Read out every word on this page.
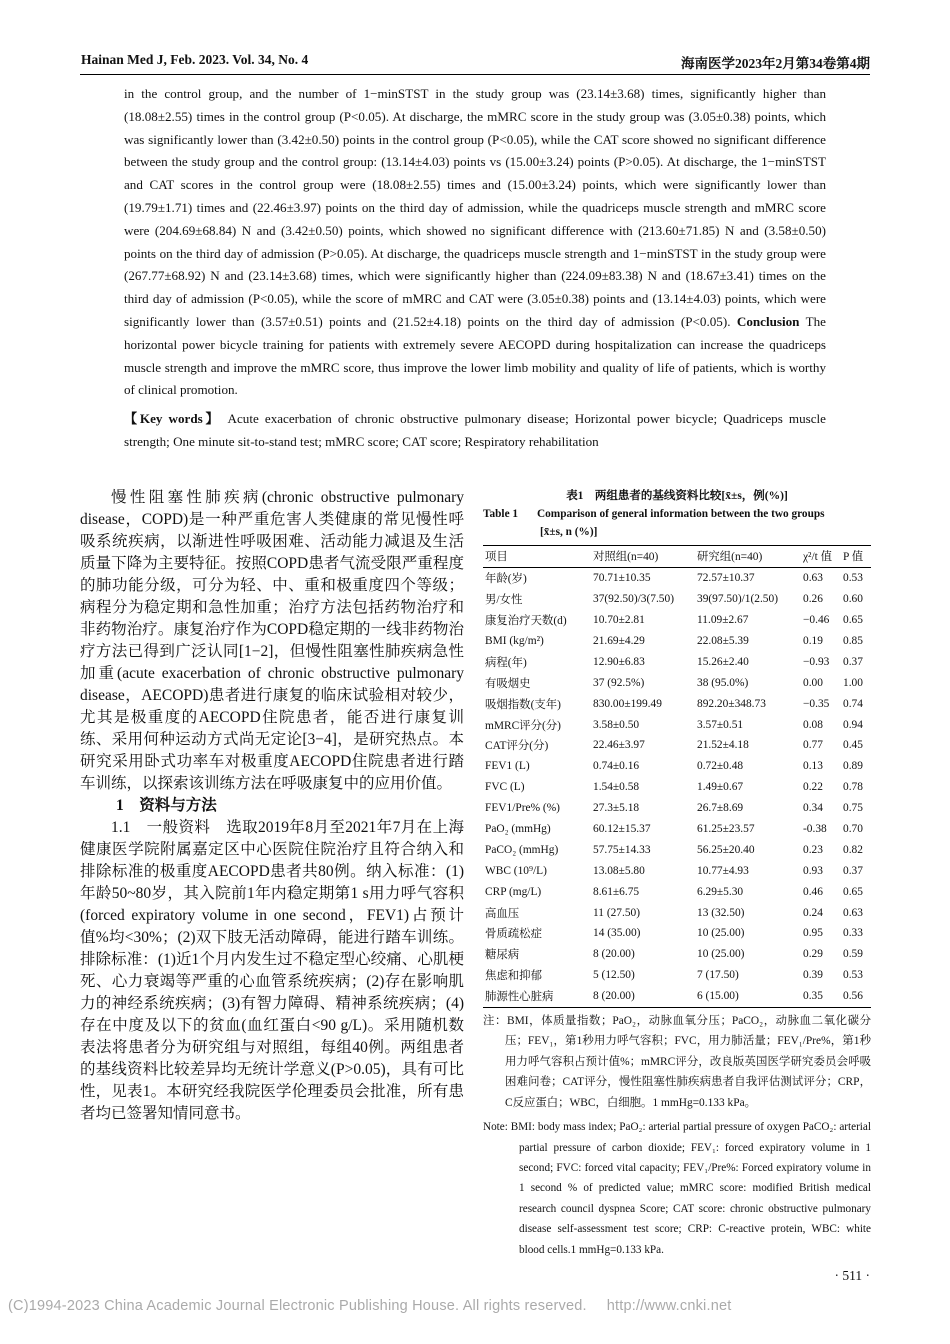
Hainan Med J, Feb. 2023. Vol. 34, No. 4	海南医学2023年2月第34卷第4期

in the control group, and the number of 1−minSTST in the study group was (23.14±3.68) times, significantly higher than (18.08±2.55) times in the control group (P<0.05). At discharge, the mMRC score in the study group was (3.05±0.38) points, which was significantly lower than (3.42±0.50) points in the control group (P<0.05), while the CAT score showed no significant difference between the study group and the control group: (13.14±4.03) points vs (15.00±3.24) points (P>0.05). At discharge, the 1−minSTST and CAT scores in the control group were (18.08±2.55) times and (15.00±3.24) points, which were significantly lower than (19.79±1.71) times and (22.46±3.97) points on the third day of admission, while the quadriceps muscle strength and mMRC score were (204.69±68.84) N and (3.42±0.50) points, which showed no significant difference with (213.60±71.85) N and (3.58±0.50) points on the third day of admission (P>0.05). At discharge, the quadriceps muscle strength and 1−minSTST in the study group were (267.77±68.92) N and (23.14±3.68) times, which were significantly higher than (224.09±83.38) N and (18.67±3.41) times on the third day of admission (P<0.05), while the score of mMRC and CAT were (3.05±0.38) points and (13.14±4.03) points, which were significantly lower than (3.57±0.51) points and (21.52±4.18) points on the third day of admission (P<0.05). Conclusion The horizontal power bicycle training for patients with extremely severe AECOPD during hospitalization can increase the quadriceps muscle strength and improve the mMRC score, thus improve the lower limb mobility and quality of life of patients, which is worthy of clinical promotion.

【Key words】 Acute exacerbation of chronic obstructive pulmonary disease; Horizontal power bicycle; Quadriceps muscle strength; One minute sit-to-stand test; mMRC score; CAT score; Respiratory rehabilitation

慢性阻塞性肺疾病(chronic obstructive pulmonary disease，COPD)是一种严重危害人类健康的常见慢性呼吸系统疾病，以渐进性呼吸困难、活动能力减退及生活质量下降为主要特征。按照COPD患者气流受限严重程度的肺功能分级，可分为轻、中、重和极重度四个等级；病程分为稳定期和急性加重；治疗方法包括药物治疗和非药物治疗。康复治疗作为COPD稳定期的一线非药物治疗方法已得到广泛认同[1−2]，但慢性阻塞性肺疾病急性加重(acute exacerbation of chronic obstructive pulmonary disease，AECOPD)患者进行康复的临床试验相对较少，尤其是极重度的AECOPD住院患者，能否进行康复训练、采用何种运动方式尚无定论[3−4]，是研究热点。本研究采用卧式功率车对极重度AECOPD住院患者进行踏车训练，以探索该训练方法在呼吸康复中的应用价值。

1　资料与方法

1.1　一般资料　选取2019年8月至2021年7月在上海健康医学院附属嘉定区中心医院住院治疗且符合纳入和排除标准的极重度AECOPD患者共80例。纳入标准：(1)年龄50~80岁，其入院前1年内稳定期第1 s用力呼气容积(forced expiratory volume in one second，FEV1)占预计值%均<30%；(2)双下肢无活动障碍，能进行踏车训练。排除标准：(1)近1个月内发生过不稳定型心绞痛、心肌梗死、心力衰竭等严重的心血管系统疾病；(2)存在影响肌力的神经系统疾病；(3)有智力障碍、精神系统疾病；(4)存在中度及以下的贫血(血红蛋白<90 g/L)。采用随机数表法将患者分为研究组与对照组，每组40例。两组患者的基线资料比较差异均无统计学意义(P>0.05)，具有可比性，见表1。本研究经我院医学伦理委员会批准，所有患者均已签署知情同意书。

表1　两组患者的基线资料比较[x̄±s，例(%)]
Table 1 Comparison of general information between the two groups
[x̄±s, n (%)]
项目	对照组(n=40)	研究组(n=40)	χ²/t 值	P 值
年龄(岁)	70.71±10.35	72.57±10.37	0.63	0.53
男/女性	37(92.50)/3(7.50)	39(97.50)/1(2.50)	0.26	0.60
康复治疗天数(d)	10.70±2.81	11.09±2.67	−0.46	0.65
BMI (kg/m²)	21.69±4.29	22.08±5.39	0.19	0.85
病程(年)	12.90±6.83	15.26±2.40	−0.93	0.37
有吸烟史	37 (92.5%)	38 (95.0%)	0.00	1.00
吸烟指数(支年)	830.00±199.49	892.20±348.73	−0.35	0.74
mMRC评分(分)	3.58±0.50	3.57±0.51	0.08	0.94
CAT评分(分)	22.46±3.97	21.52±4.18	0.77	0.45
FEV1 (L)	0.74±0.16	0.72±0.48	0.13	0.89
FVC (L)	1.54±0.58	1.49±0.67	0.22	0.78
FEV1/Pre% (%)	27.3±5.18	26.7±8.69	0.34	0.75
PaO₂ (mmHg)	60.12±15.37	61.25±23.57	-0.38	0.70
PaCO₂ (mmHg)	57.75±14.33	56.25±20.40	0.23	0.82
WBC (10⁹/L)	13.08±5.80	10.77±4.93	0.93	0.37
CRP (mg/L)	8.61±6.75	6.29±5.30	0.46	0.65
高血压	11 (27.50)	13 (32.50)	0.24	0.63
骨质疏松症	14 (35.00)	10 (25.00)	0.95	0.33
糖尿病	8 (20.00)	10 (25.00)	0.29	0.59
焦虑和抑郁	5 (12.50)	7 (17.50)	0.39	0.53
肺源性心脏病	8 (20.00)	6 (15.00)	0.35	0.56
注：BMI，体质量指数；PaO₂，动脉血氧分压；PaCO₂，动脉血二氧化碳分压；FEV₁，第1秒用力呼气容积；FVC，用力肺活量；FEV₁/Pre%，第1秒用力呼气容积占预计值%；mMRC评分，改良版英国医学研究委员会呼吸困难问卷；CAT评分，慢性阻塞性肺疾病患者自我评估测试评分；CRP，C反应蛋白；WBC，白细胞。1 mmHg=0.133 kPa。
Note: BMI: body mass index; PaO₂: arterial partial pressure of oxygen PaCO₂: arterial partial pressure of carbon dioxide; FEV₁: forced expiratory volume in 1 second; FVC: forced vital capacity; FEV₁/Pre%: Forced expiratory volume in 1 second % of predicted value; mMRC score: modified British medical research council dyspnea Score; CAT score: chronic obstructive pulmonary disease self-assessment test score; CRP: C-reactive protein, WBC: white blood cells.1 mmHg=0.133 kPa.
· 511 ·
(C)1994-2023 China Academic Journal Electronic Publishing House. All rights reserved. http://www.cnki.net
